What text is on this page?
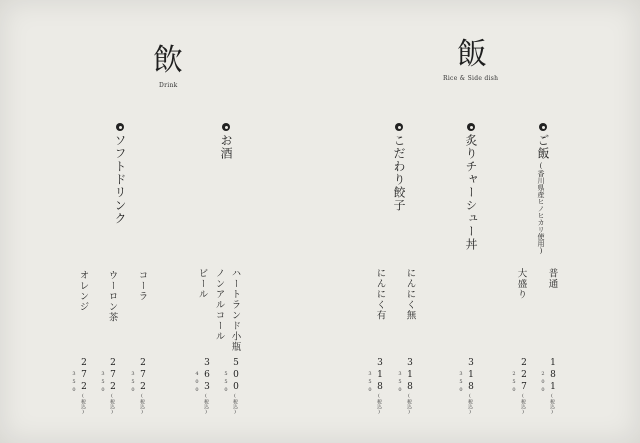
飲
Drink
飯
Rice & Side dish
ご飯
(香川県産ヒノヒカリ使用)
普通
大盛り
181
200
(税込)
227
250
(税込)
炙りチャーシュー丼
318
350
(税込)
こだわり餃子
にんにく無
にんにく有
318
350
(税込)
318
350
(税込)
お酒
ハートランド小瓶
ノンアルコール
ビール
500
550
(税込)
363
400
(税込)
ソフトドリンク
コーラ
ウーロン茶
オレンジ
272
350
(税込)
272
350
(税込)
272
350
(税込)
